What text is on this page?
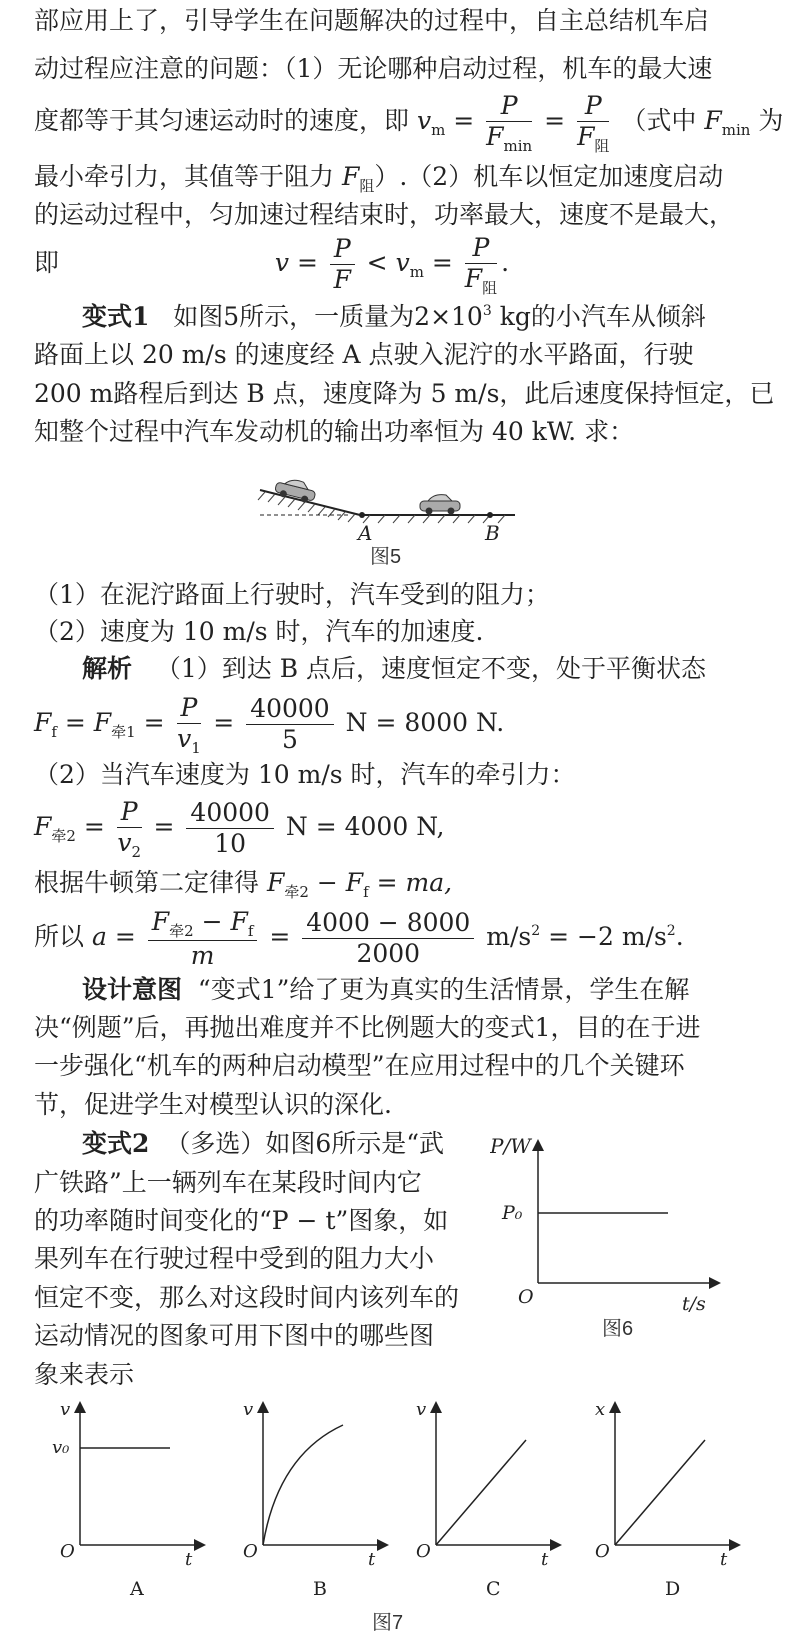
部应用上了，引导学生在问题解决的过程中，自主总结机车启
动过程应注意的问题：（1）无论哪种启动过程，机车的最大速
度都等于其匀速运动时的速度，即 $v_m = \frac{P}{F_{min}} = \frac{P}{F_阻}$ （式中 $F_{min}$ 为
最小牵引力，其值等于阻力 $F_阻).(2)$机车以恒定加速度启动
的运动过程中，匀加速过程结束时，功率最大，速度不是最大，
即	$v = \frac{P}{F} < v_m = \frac{P}{F_阻}$ .
变式1 如图5所示，一质量为$2\times 10^3$ kg的小汽车从倾斜
路面上以 20 m/s 的速度经 A 点驶入泥泞的水平路面，行驶
200 m路程后到达 B 点，速度降为 5 m/s，此后速度保持恒定，已
知整个过程中汽车发动机的输出功率恒为 40 kW. 求：
A	B
图5
（1）在泥泞路面上行驶时，汽车受到的阻力；
（2）速度为 10 m/s 时，汽车的加速度.
解析 （1）到达 B 点后，速度恒定不变，处于平衡状态
$F_f = F_{牵1} = \frac{P}{v_1} = \frac{40000}{5}$ N = 8000 N.
（2）当汽车速度为 10 m/s 时，汽车的牵引力：
$F_{牵2} = \frac{P}{v_2} = \frac{40000}{10}$ N = 4000 N,
根据牛顿第二定律得 $F_{牵2} - F_f$ = ma,
所以 $a = \frac{F_{牵2} - F_f}{m} = \frac{4000 - 8000}{2000} m/s^2 = -2$ $m/s^2$.
设计意图 “变式1”给了更为真实的生活情景，学生在解
决“例题”后，再抛出难度并不比例题大的变式1，目的在于进
一步强化“机车的两种启动模型”在应用过程中的几个关键环
节，促进学生对模型认识的深化.
变式2 （多选）如图6所示是“武
广铁路”上一辆列车在某段时间内它
的功率随时间变化的“P − t”图象，如
果列车在行驶过程中受到的阻力大小
恒定不变，那么对这段时间内该列车的
运动情况的图象可用下图中的哪些图
象来表示
P/W
P₀
O	t/s
图6
v
v₀
O	t
A
v
O	t
B
v
O	t
C
x
O	t
D
图7
